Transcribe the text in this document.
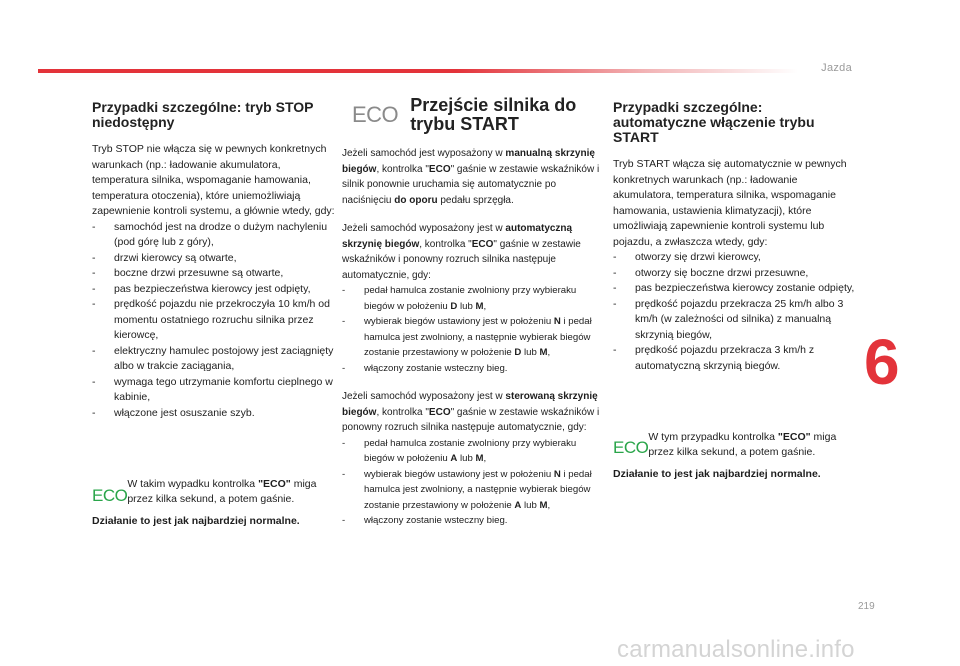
Jazda
Przypadki szczególne: tryb STOP niedostępny

Tryb STOP nie włącza się w pewnych konkretnych warunkach (np.: ładowanie akumulatora, temperatura silnika, wspomaganie hamowania, temperatura otoczenia), które uniemożliwiają zapewnienie kontroli systemu, a głównie wtedy, gdy:

- samochód jest na drodze o dużym nachyleniu (pod górę lub z góry),
- drzwi kierowcy są otwarte,
- boczne drzwi przesuwne są otwarte,
- pas bezpieczeństwa kierowcy jest odpięty,
- prędkość pojazdu nie przekroczyła 10 km/h od momentu ostatniego rozruchu silnika przez kierowcę,
- elektryczny hamulec postojowy jest zaciągnięty albo w trakcie zaciągania,
- wymaga tego utrzymanie komfortu cieplnego w kabinie,
- włączone jest osuszanie szyb.
ECO

W takim wypadku kontrolka "ECO" miga przez kilka sekund, a potem gaśnie.

Działanie to jest jak najbardziej normalne.

ECO Przejście silnika do trybu START

Jeżeli samochód jest wyposażony w manualną skrzynię biegów, kontrolka "ECO" gaśnie w zestawie wskaźników i silnik ponownie uruchamia się automatycznie po naciśnięciu do oporu pedału sprzęgła.

Jeżeli samochód wyposażony jest w automatyczną skrzynię biegów, kontrolka "ECO" gaśnie w zestawie wskaźników i ponowny rozruch silnika następuje automatycznie, gdy:

- pedał hamulca zostanie zwolniony przy wybieraku biegów w położeniu D lub M,
- wybierak biegów ustawiony jest w położeniu N i pedał hamulca jest zwolniony, a następnie wybierak biegów zostanie przestawiony w położenie D lub M,
- włączony zostanie wsteczny bieg.

Jeżeli samochód wyposażony jest w sterowaną skrzynię biegów, kontrolka "ECO" gaśnie w zestawie wskaźników i ponowny rozruch silnika następuje automatycznie, gdy:

- pedał hamulca zostanie zwolniony przy wybieraku biegów w położeniu A lub M,
- wybierak biegów ustawiony jest w położeniu N i pedał hamulca jest zwolniony, a następnie wybierak biegów zostanie przestawiony w położenie A lub M,
- włączony zostanie wsteczny bieg.
Przypadki szczególne: automatyczne włączenie trybu START

Tryb START włącza się automatycznie w pewnych konkretnych warunkach (np.: ładowanie akumulatora, temperatura silnika, wspomaganie hamowania, ustawienia klimatyzacji), które umożliwiają zapewnienie kontroli systemu lub pojazdu, a zwłaszcza wtedy, gdy:

- otworzy się drzwi kierowcy,
- otworzy się boczne drzwi przesuwne,
- pas bezpieczeństwa kierowcy zostanie odpięty,
- prędkość pojazdu przekracza 25 km/h albo 3 km/h (w zależności od silnika) z manualną skrzynią biegów,
- prędkość pojazdu przekracza 3 km/h z automatyczną skrzynią biegów.
ECO

W tym przypadku kontrolka "ECO" miga przez kilka sekund, a potem gaśnie.

Działanie to jest jak najbardziej normalne.

6
219
carmanualsonline.info
